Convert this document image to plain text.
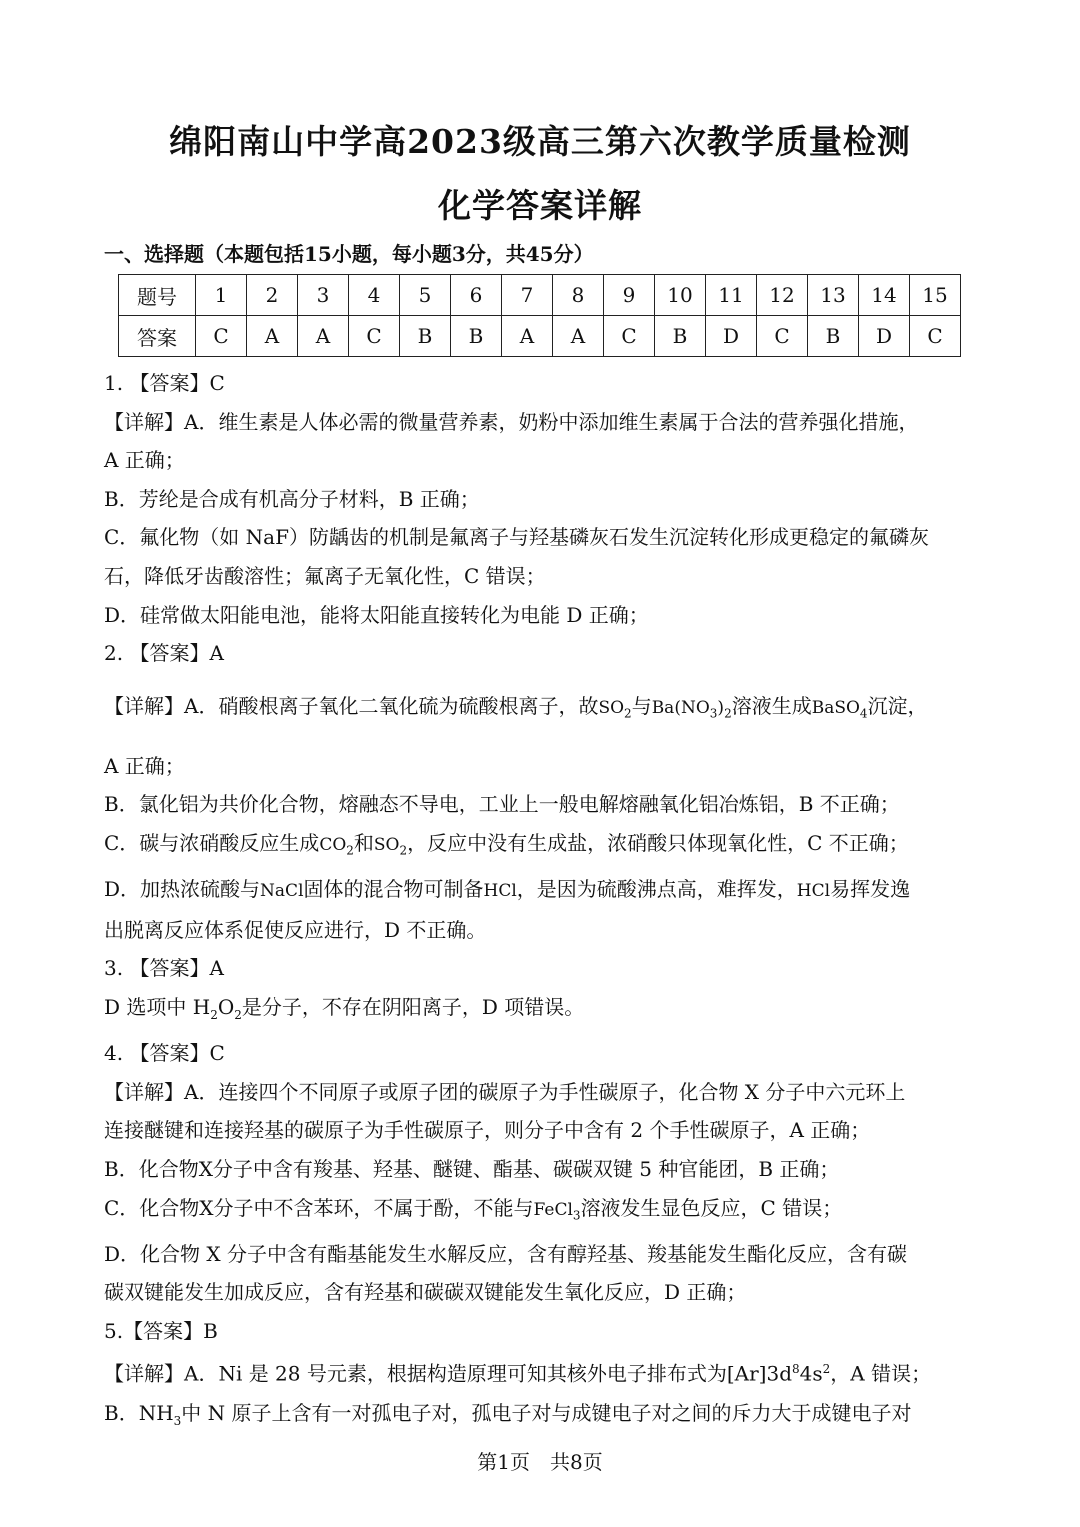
绵阳南山中学高2023级高三第六次教学质量检测
化学答案详解
一、选择题（本题包括15小题，每小题3分，共45分）
题号	1	2	3	4	5	6	7	8	9	10	11	12	13	14	15
答案	C	A	A	C	B	B	A	A	C	B	D	C	B	D	C

1. 【答案】C

【详解】A．维生素是人体必需的微量营养素，奶粉中添加维生素属于合法的营养强化措施，

A 正确；

B．芳纶是合成有机高分子材料，B 正确；

C．氟化物（如 NaF）防龋齿的机制是氟离子与羟基磷灰石发生沉淀转化形成更稳定的氟磷灰

石，降低牙齿酸溶性；氟离子无氧化性，C 错误；

D．硅常做太阳能电池，能将太阳能直接转化为电能 D 正确；

2. 【答案】A

【详解】A．硝酸根离子氧化二氧化硫为硫酸根离子，故$SO_2$与$Ba(NO_3)_2$溶液生成BaSO$_4$沉淀，

A 正确；

B．氯化铝为共价化合物，熔融态不导电，工业上一般电解熔融氧化铝冶炼铝，B 不正确；

C．碳与浓硝酸反应生成$CO_2$和$SO_2$，反应中没有生成盐，浓硝酸只体现氧化性，C 不正确；

D．加热浓硫酸与NaCl固体的混合物可制备HCl，是因为硫酸沸点高，难挥发，HCl易挥发逸

出脱离反应体系促使反应进行，D 不正确。

3. 【答案】A

D 选项中 $H_2O_2$是分子，不存在阴阳离子，D 项错误。

4. 【答案】C

【详解】A．连接四个不同原子或原子团的碳原子为手性碳原子，化合物 X 分子中六元环上

连接醚键和连接羟基的碳原子为手性碳原子，则分子中含有 2 个手性碳原子，A 正确；

B．化合物X分子中含有羧基、羟基、醚键、酯基、碳碳双键 5 种官能团，B 正确；

C．化合物X分子中不含苯环，不属于酚，不能与FeCl$_3$溶液发生显色反应，C 错误；

D．化合物 X 分子中含有酯基能发生水解反应，含有醇羟基、羧基能发生酯化反应，含有碳

碳双键能发生加成反应，含有羟基和碳碳双键能发生氧化反应，D 正确；

5.【答案】B

【详解】A．Ni 是 28 号元素，根据构造原理可知其核外电子排布式为$[Ar]3d^84s^2$，A 错误；

B．$NH_3$中 N 原子上含有一对孤电子对，孤电子对与成键电子对之间的斥力大于成键电子对

第1页　共8页
